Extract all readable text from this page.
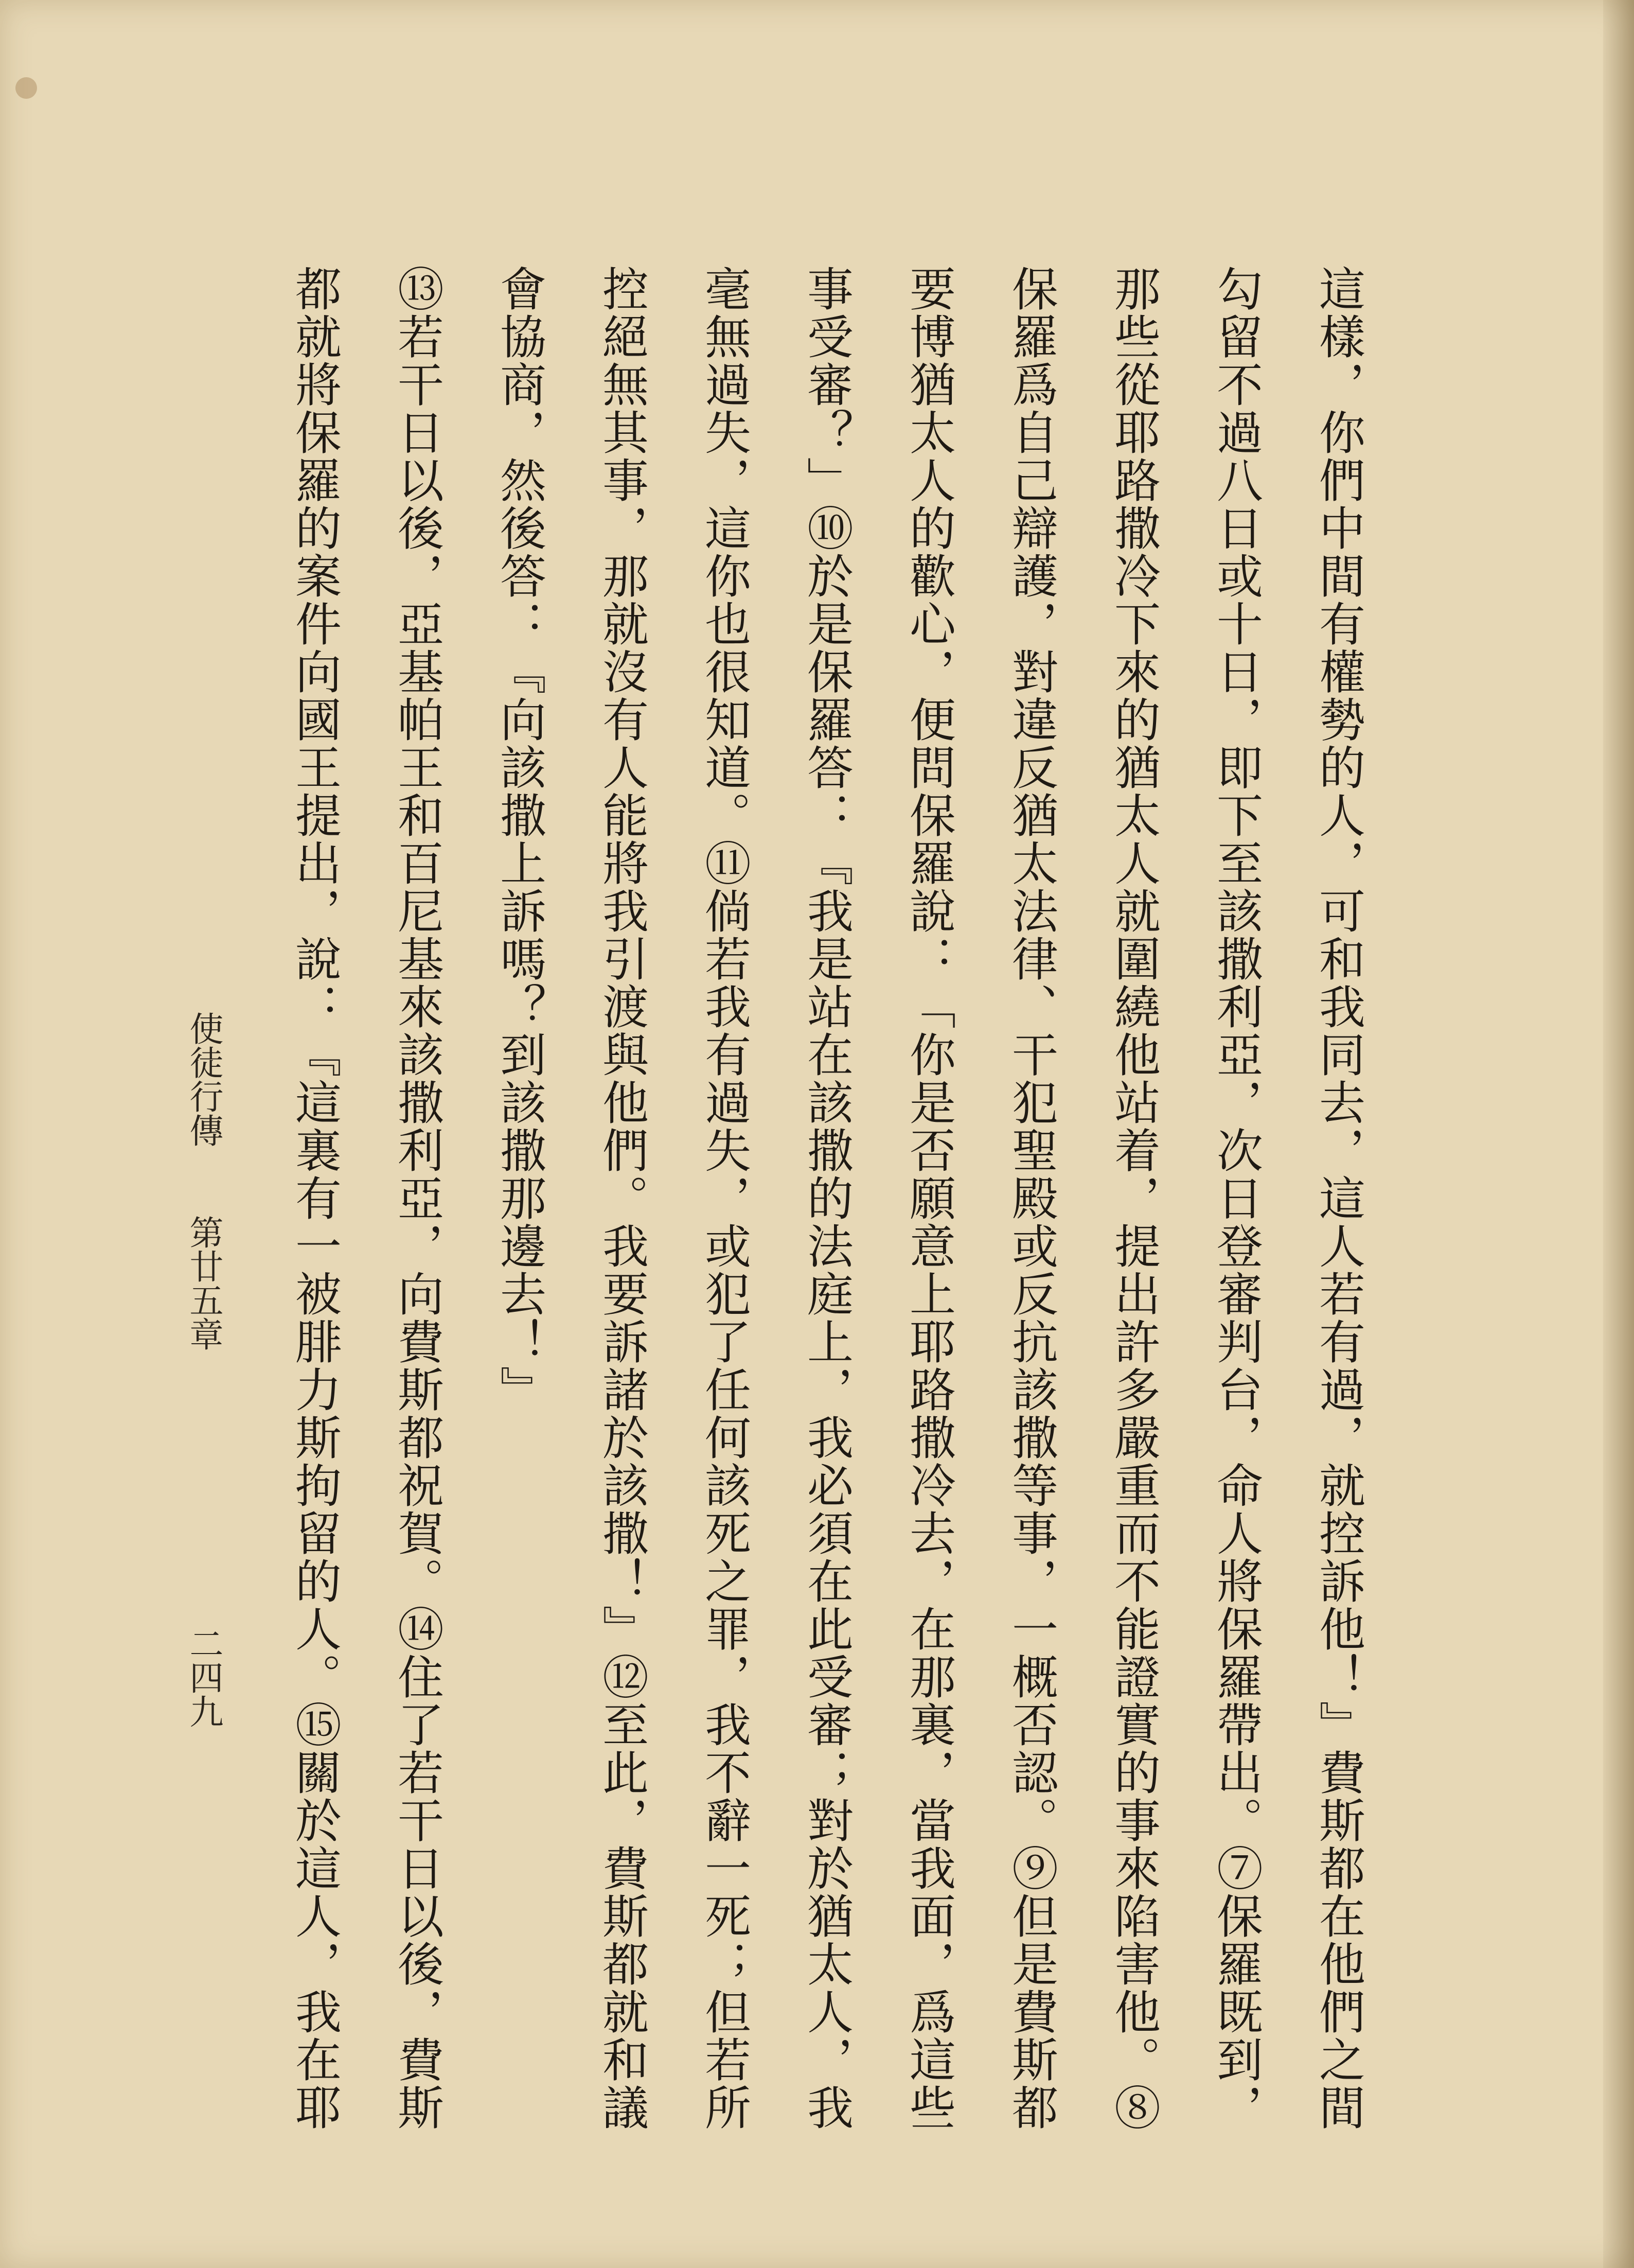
這樣，你們中間有權勢的人，可和我同去，這人若有過，就控訴他！』費斯都在他們之間勾留不過八日或十日，即下至該撒利亞，次日登審判台，命人將保羅帶出。⑦保羅既到，那些從耶路撒冷下來的猶太人就圍繞他站着，提出許多嚴重而不能證實的事來陷害他。⑧保羅爲自己辯護，對違反猶太法律、干犯聖殿或反抗該撒等事，一概否認。⑨但是費斯都要博猶太人的歡心，便問保羅說：「你是否願意上耶路撒冷去，在那裏，當我面，爲這些事受審？」⑩於是保羅答：『我是站在該撒的法庭上，我必須在此受審；對於猶太人，我毫無過失，這你也很知道。⑪倘若我有過失，或犯了任何該死之罪，我不辭一死；但若所控絕無其事，那就沒有人能將我引渡與他們。我要訴諸於該撒！』⑫至此，費斯都就和議會協商，然後答：『向該撒上訴嗎？到該撒那邊去！』
⑬若干日以後，亞基帕王和百尼基來該撒利亞，向費斯都祝賀。⑭住了若干日以後，費斯都就將保羅的案件向國王提出，說：『這裏有一被腓力斯拘留的人。⑮關於這人，我在耶
使徒行傳　　第廿五章
二四九
